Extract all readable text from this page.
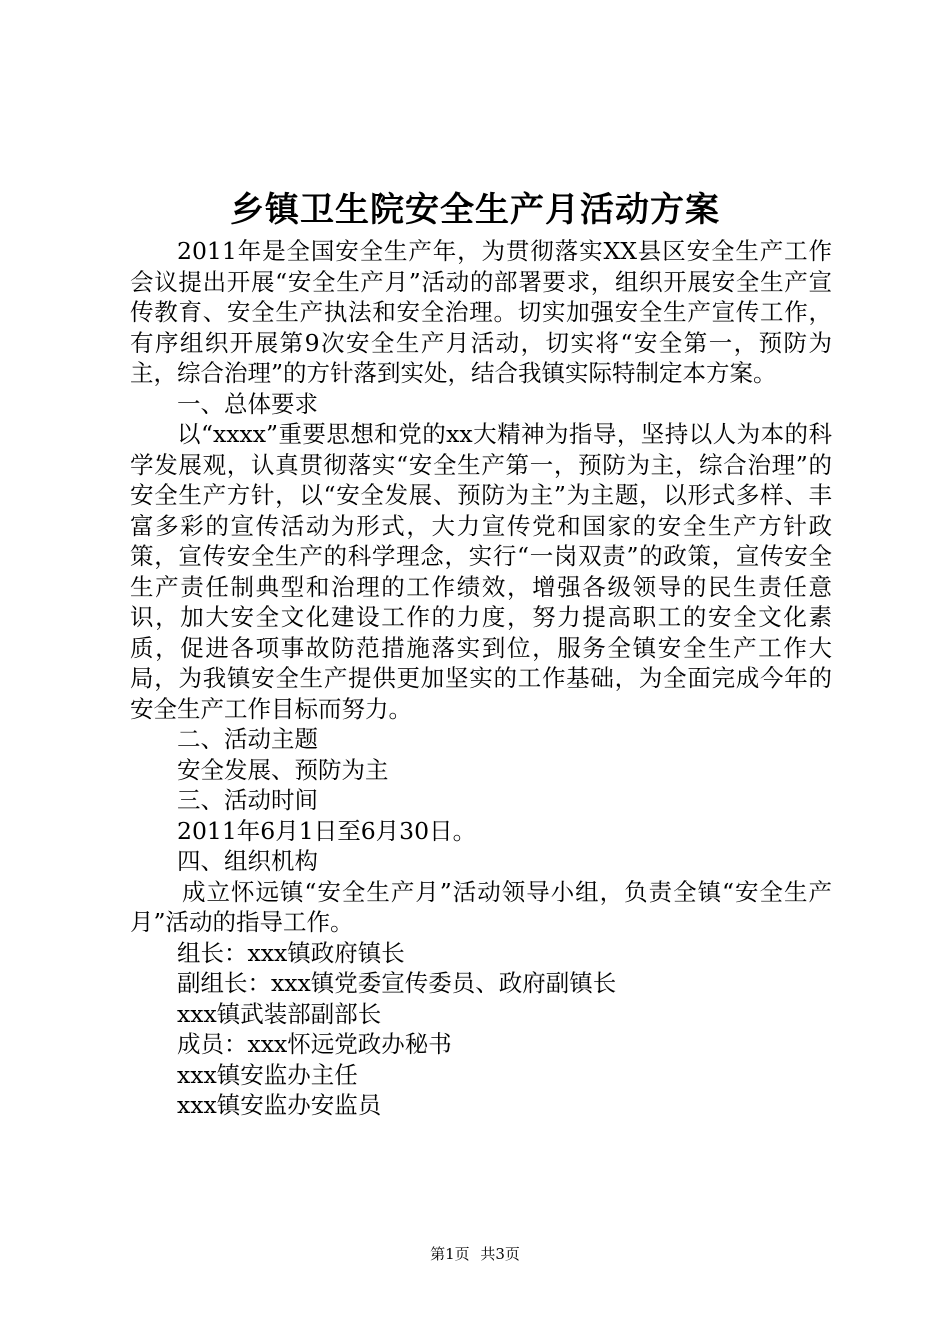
乡镇卫生院安全生产月活动方案

2011年是全国安全生产年，为贯彻落实XX县区安全生产工作会议提出开展“安全生产月”活动的部署要求，组织开展安全生产宣传教育、安全生产执法和安全治理。切实加强安全生产宣传工作，有序组织开展第9次安全生产月活动，切实将“安全第一，预防为主，综合治理”的方针落到实处，结合我镇实际特制定本方案。

一、总体要求

以“xxxx”重要思想和党的xx大精神为指导，坚持以人为本的科学发展观，认真贯彻落实“安全生产第一，预防为主，综合治理”的安全生产方针，以“安全发展、预防为主”为主题，以形式多样、丰富多彩的宣传活动为形式，大力宣传党和国家的安全生产方针政策，宣传安全生产的科学理念，实行“一岗双责”的政策，宣传安全生产责任制典型和治理的工作绩效，增强各级领导的民生责任意识，加大安全文化建设工作的力度，努力提高职工的安全文化素质，促进各项事故防范措施落实到位，服务全镇安全生产工作大局，为我镇安全生产提供更加坚实的工作基础，为全面完成今年的安全生产工作目标而努力。

二、活动主题

安全发展、预防为主

三、活动时间

2011年6月1日至6月30日。

四、组织机构

成立怀远镇“安全生产月”活动领导小组，负责全镇“安全生产月”活动的指导工作。

组长：xxx镇政府镇长

副组长：xxx镇党委宣传委员、政府副镇长

xxx镇武装部副部长

成员：xxx怀远党政办秘书

xxx镇安监办主任

xxx镇安监办安监员

第1页 共3页
